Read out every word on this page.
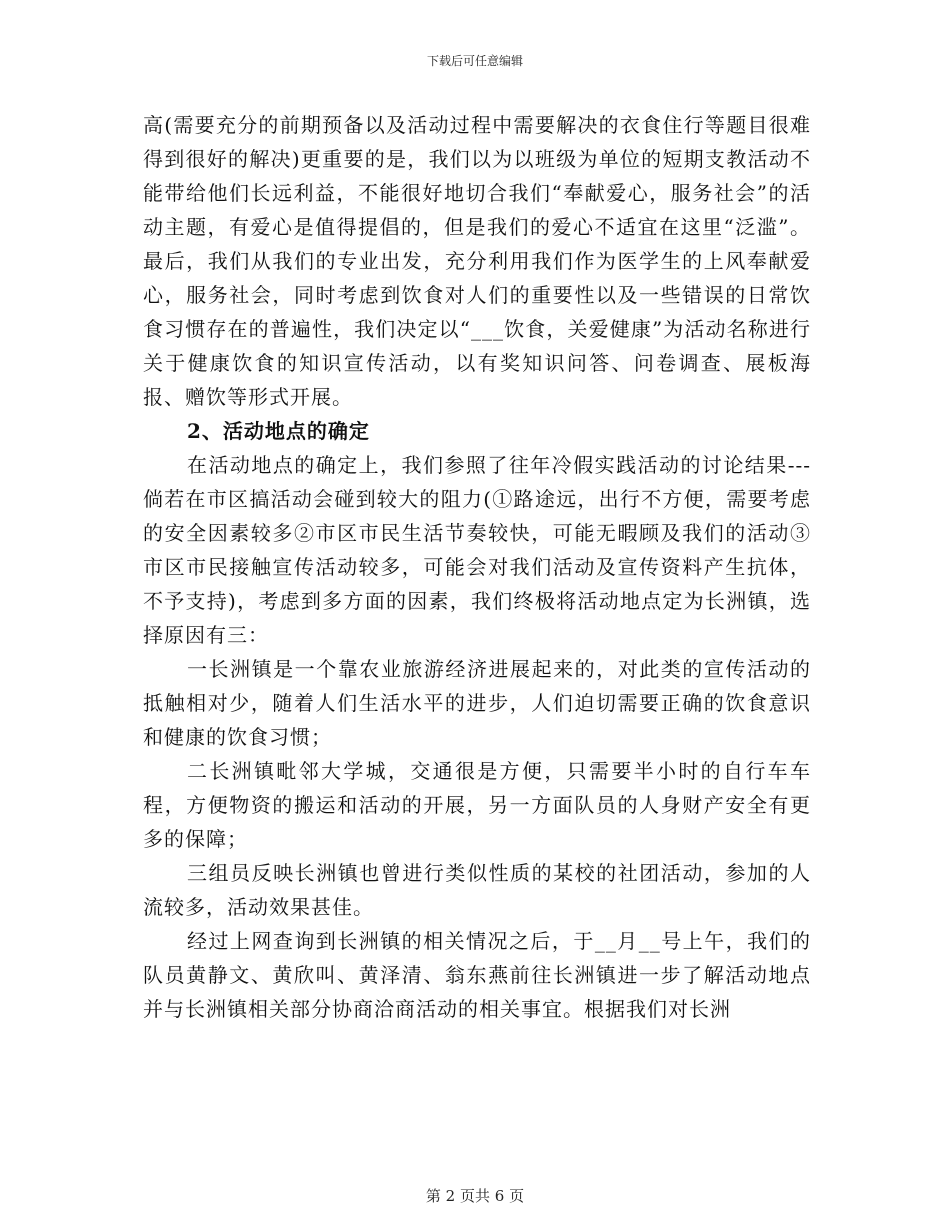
下载后可任意编辑

高(需要充分的前期预备以及活动过程中需要解决的衣食住行等题目很难得到很好的解决)更重要的是，我们以为以班级为单位的短期支教活动不能带给他们长远利益，不能很好地切合我们“奉献爱心，服务社会”的活动主题，有爱心是值得提倡的，但是我们的爱心不适宜在这里“泛滥”。最后，我们从我们的专业出发，充分利用我们作为医学生的上风奉献爱心，服务社会，同时考虑到饮食对人们的重要性以及一些错误的日常饮食习惯存在的普遍性，我们决定以“___饮食，关爱健康”为活动名称进行关于健康饮食的知识宣传活动，以有奖知识问答、问卷调查、展板海报、赠饮等形式开展。

2、活动地点的确定

在活动地点的确定上，我们参照了往年冷假实践活动的讨论结果---倘若在市区搞活动会碰到较大的阻力(①路途远，出行不方便，需要考虑的安全因素较多②市区市民生活节奏较快，可能无暇顾及我们的活动③市区市民接触宣传活动较多，可能会对我们活动及宣传资料产生抗体，不予支持)，考虑到多方面的因素，我们终极将活动地点定为长洲镇，选择原因有三：

一长洲镇是一个靠农业旅游经济进展起来的，对此类的宣传活动的抵触相对少，随着人们生活水平的进步，人们迫切需要正确的饮食意识和健康的饮食习惯；

二长洲镇毗邻大学城，交通很是方便，只需要半小时的自行车车程，方便物资的搬运和活动的开展，另一方面队员的人身财产安全有更多的保障；

三组员反映长洲镇也曾进行类似性质的某校的社团活动，参加的人流较多，活动效果甚佳。

经过上网查询到长洲镇的相关情况之后，于__月__号上午，我们的队员黄静文、黄欣叫、黄泽清、翁东燕前往长洲镇进一步了解活动地点并与长洲镇相关部分协商洽商活动的相关事宜。根据我们对长洲

第 2 页共 6 页
